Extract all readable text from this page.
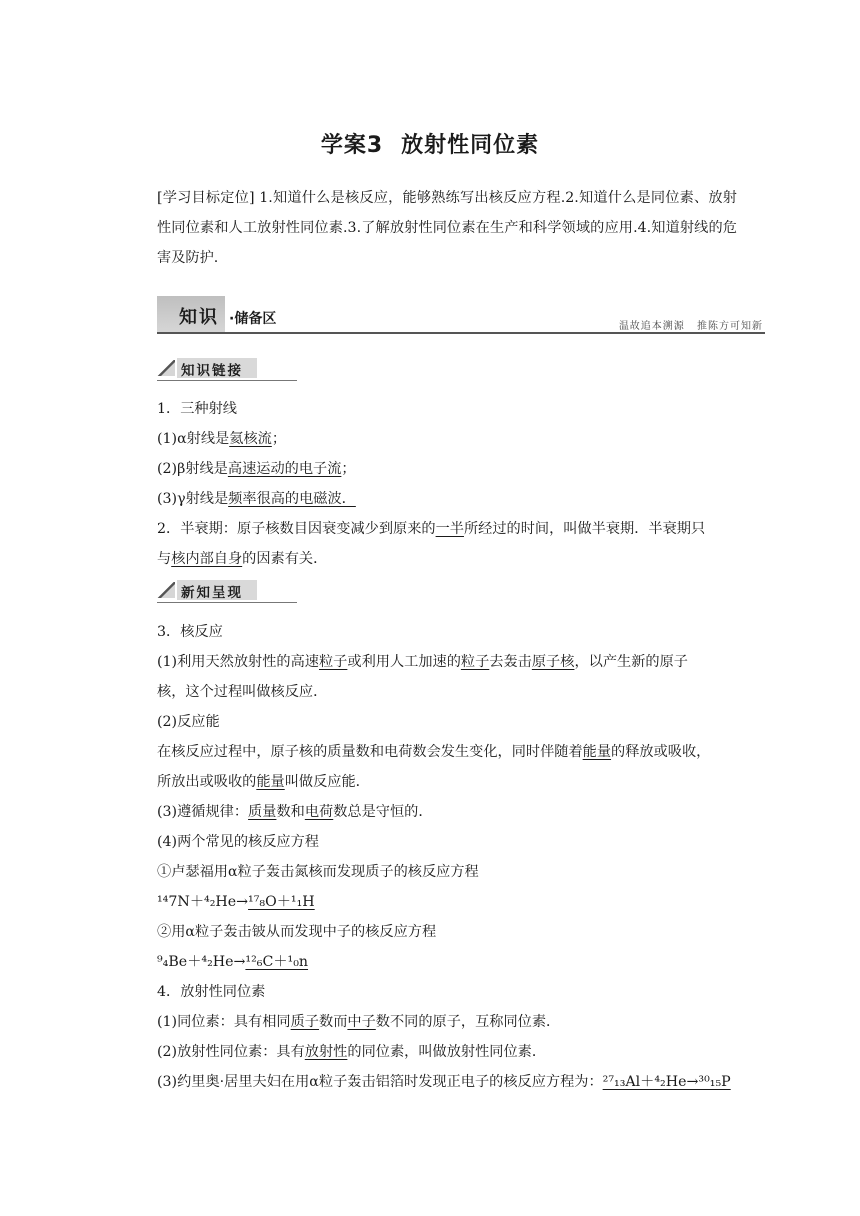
学案3 放射性同位素
[学习目标定位] 1.知道什么是核反应，能够熟练写出核反应方程.2.知道什么是同位素、放射性同位素和人工放射性同位素.3.了解放射性同位素在生产和科学领域的应用.4.知道射线的危害及防护.
知识 ·储备区	温故追本溯源 推陈方可知新
知识链接
1．三种射线
(1)α射线是氦核流；
(2)β射线是高速运动的电子流；
(3)γ射线是频率很高的电磁波．
2．半衰期：原子核数目因衰变减少到原来的一半所经过的时间，叫做半衰期．半衰期只
与核内部自身的因素有关．
新知呈现
3．核反应
(1)利用天然放射性的高速粒子或利用人工加速的粒子去轰击原子核，以产生新的原子
核，这个过程叫做核反应．
(2)反应能
在核反应过程中，原子核的质量数和电荷数会发生变化，同时伴随着能量的释放或吸收，
所放出或吸收的能量叫做反应能．
(3)遵循规律：质量数和电荷数总是守恒的．
(4)两个常见的核反应方程
①卢瑟福用α粒子轰击氮核而发现质子的核反应方程
¹⁴7N＋⁴₂He→¹⁷₈O＋¹₁H
②用α粒子轰击铍从而发现中子的核反应方程
⁹₄Be＋⁴₂He→¹²₆C＋¹₀n
4．放射性同位素
(1)同位素：具有相同质子数而中子数不同的原子，互称同位素．
(2)放射性同位素：具有放射性的同位素，叫做放射性同位素．
(3)约里奥·居里夫妇在用α粒子轰击铝箔时发现正电子的核反应方程为：²⁷₁₃Al＋⁴₂He→³⁰₁₅P
